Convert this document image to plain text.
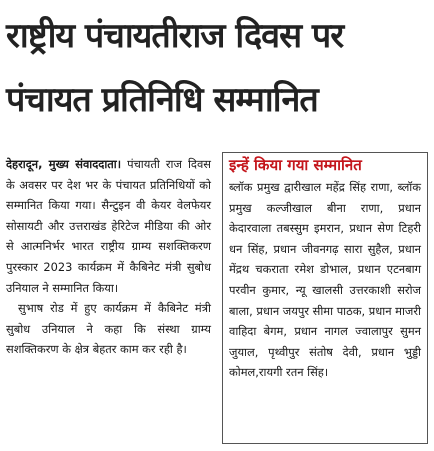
राष्ट्रीय पंचायतीराज दिवस पर
पंचायत प्रतिनिधि सम्मानित

देहरादून, मुख्य संवाददाता। पंचायती राज दिवस के अवसर पर देश भर के पंचायत प्रतिनिधियों को सम्मानित किया गया। सैन्टुइन वी केयर वेलफेयर सोसायटी और उत्तराखंड हेरिटेज मीडिया की ओर से आत्मनिर्भर भारत राष्ट्रीय ग्राम्य सशक्तिकरण पुरस्कार 2023 कार्यक्रम में कैबिनेट मंत्री सुबोध उनियाल ने सम्मानित किया।

सुभाष रोड में हुए कार्यक्रम में कैबिनेट मंत्री सुबोध उनियाल ने कहा कि संस्था ग्राम्य सशक्तिकरण के क्षेत्र बेहतर काम कर रही है।

इन्हें किया गया सम्मानित
ब्लॉक प्रमुख द्वारीखाल महेंद्र सिंह राणा, ब्लॉक प्रमुख कल्जीखाल बीना राणा, प्रधान केदारवाला तबस्सुम इमरान, प्रधान सेण टिहरी धन सिंह, प्रधान जीवनगढ़ सारा सुहैल, प्रधान मेंद्रथ चकराता रमेश डोभाल, प्रधान एटनबाग परवीन कुमार, न्यू खालसी उत्तरकाशी सरोज बाला, प्रधान जयपुर सीमा पाठक, प्रधान माजरी वाहिदा बेगम, प्रधान नागल ज्वालापुर सुमन जुयाल, पृथ्वीपुर संतोष देवी, प्रधान भुड्डी कोमल,रायगी रतन सिंह।
